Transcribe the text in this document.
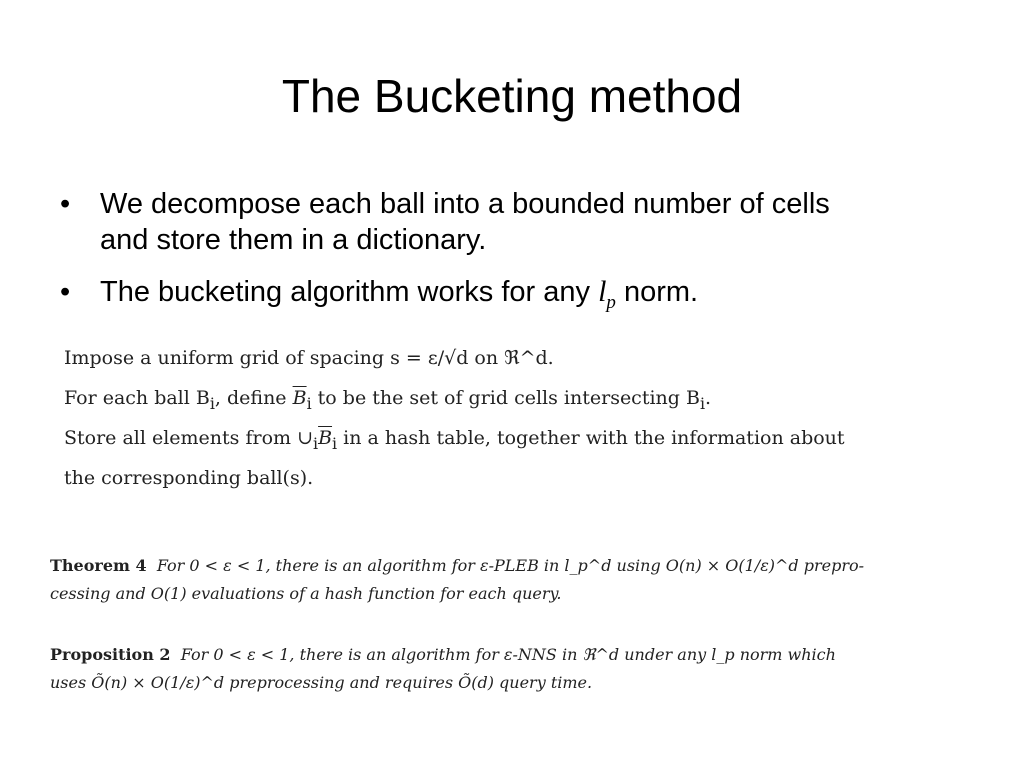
The Bucketing method
• We decompose each ball into a bounded number of cells
and store them in a dictionary.
• The bucketing algorithm works for any $l_p$ norm.

Impose a uniform grid of spacing s = ε/√d on ℜ^d.

For each ball $B_i$, define $\overline{B}_i$ to be the set of grid cells intersecting $B_i$.

Store all elements from $\cup_i\overline{B}_i$ in a hash table, together with the information about

the corresponding ball(s).

Theorem 4 For 0 < ε < 1, there is an algorithm for ε-PLEB in l_p^d using O(n) × O(1/ε)^d prepro-

cessing and O(1) evaluations of a hash function for each query.

Proposition 2 For 0 < ε < 1, there is an algorithm for ε-NNS in ℜ^d under any l_p norm which

uses Õ(n) × O(1/ε)^d preprocessing and requires Õ(d) query time.
